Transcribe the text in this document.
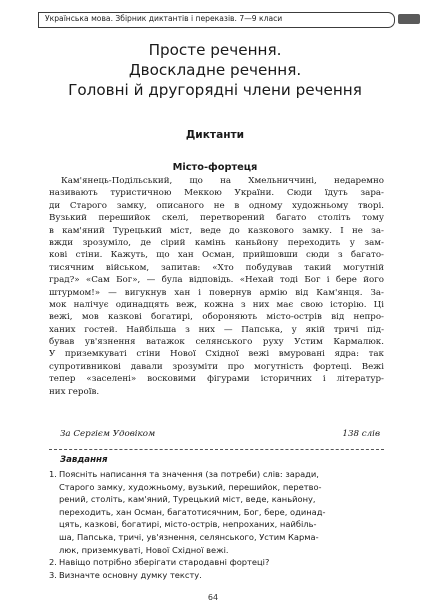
Українська мова. Збірник диктантів і переказів. 7—9 класи
Просте речення.
Двоскладне речення.
Головні й другорядні члени речення
Диктанти
Місто-фортеця
Кам'янець-Подільський, що на Хмельниччині, недаремно
називають туристичною Меккою України. Сюди їдуть зара-
ди Старого замку, описаного не в одному художньому творі.
Вузький перешийок скелі, перетворений багато століть тому
в кам'яний Турецький міст, веде до казкового замку. І не за-
вжди зрозуміло, де сірий камінь каньйону переходить у зам-
кові стіни. Кажуть, що хан Осман, прийшовши сюди з багато-
тисячним військом, запитав: «Хто побудував такий могутній
град?» «Сам Бог», — була відповідь. «Нехай тоді Бог і бере його
штурмом!» — вигукнув хан і повернув армію від Кам'янця. За-
мок налічує одинадцять веж, кожна з них має свою історію. Ці
вежі, мов казкові богатирі, обороняють місто-острів від непро-
ханих гостей. Найбільша з них — Папська, у якій тричі під-
бував ув'язнення ватажок селянського руху Устим Кармалюк.
У приземкуваті стіни Нової Східної вежі вмуровані ядра: так
супротивникові давали зрозуміти про могутність фортеці. Вежі
тепер «заселені» восковими фігурами історичних і літератур-
них героїв.
За Сергієм Удовіком	138 слів
Завдання
1. Поясніть написання та значення (за потреби) слів: заради,
Старого замку, художньому, вузький, перешийок, перетво-
рений, століть, кам'яний, Турецький міст, веде, каньйону,
переходить, хан Осман, багатотисячним, Бог, бере, одинад-
цять, казкові, богатирі, місто-острів, непроханих, найбіль-
ша, Папська, тричі, ув'язнення, селянського, Устим Карма-
люк, приземкуваті, Нової Східної вежі.
2. Навіщо потрібно зберігати стародавні фортеці?
3. Визначте основну думку тексту.
64
